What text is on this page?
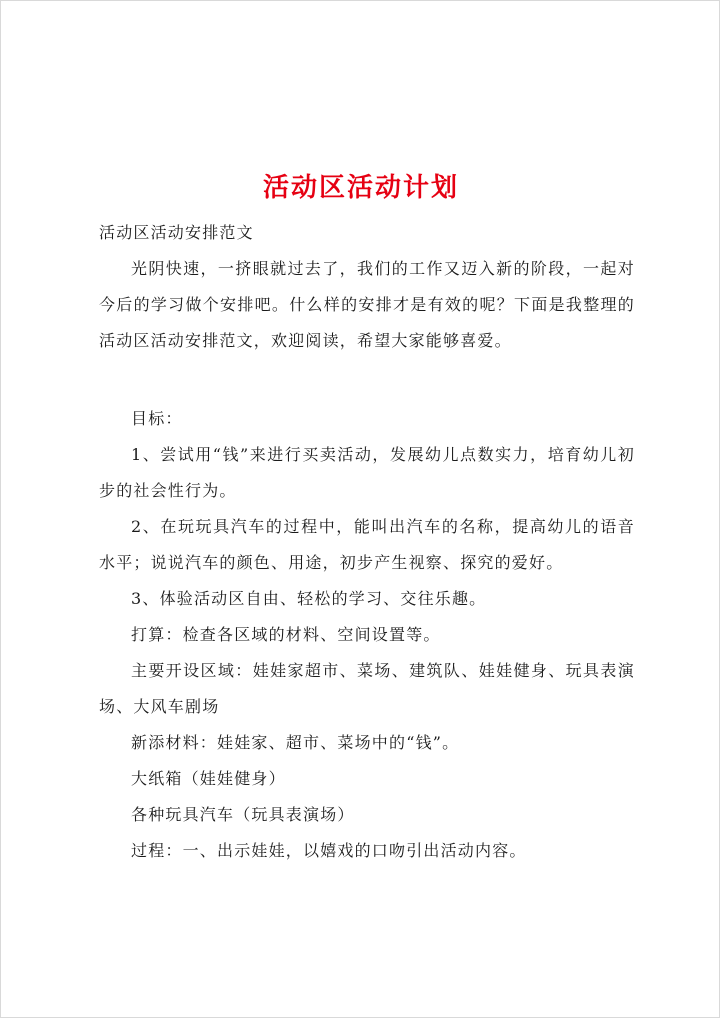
活动区活动计划

活动区活动安排范文

光阴快速，一挤眼就过去了，我们的工作又迈入新的阶段，一起对今后的学习做个安排吧。什么样的安排才是有效的呢？下面是我整理的活动区活动安排范文，欢迎阅读，希望大家能够喜爱。

目标：

1、尝试用“钱”来进行买卖活动，发展幼儿点数实力，培育幼儿初步的社会性行为。

2、在玩玩具汽车的过程中，能叫出汽车的名称，提高幼儿的语音水平；说说汽车的颜色、用途，初步产生视察、探究的爱好。

3、体验活动区自由、轻松的学习、交往乐趣。

打算：检查各区域的材料、空间设置等。

主要开设区域：娃娃家超市、菜场、建筑队、娃娃健身、玩具表演场、大风车剧场

新添材料：娃娃家、超市、菜场中的“钱”。

大纸箱（娃娃健身）

各种玩具汽车（玩具表演场）

过程：一、出示娃娃，以嬉戏的口吻引出活动内容。
